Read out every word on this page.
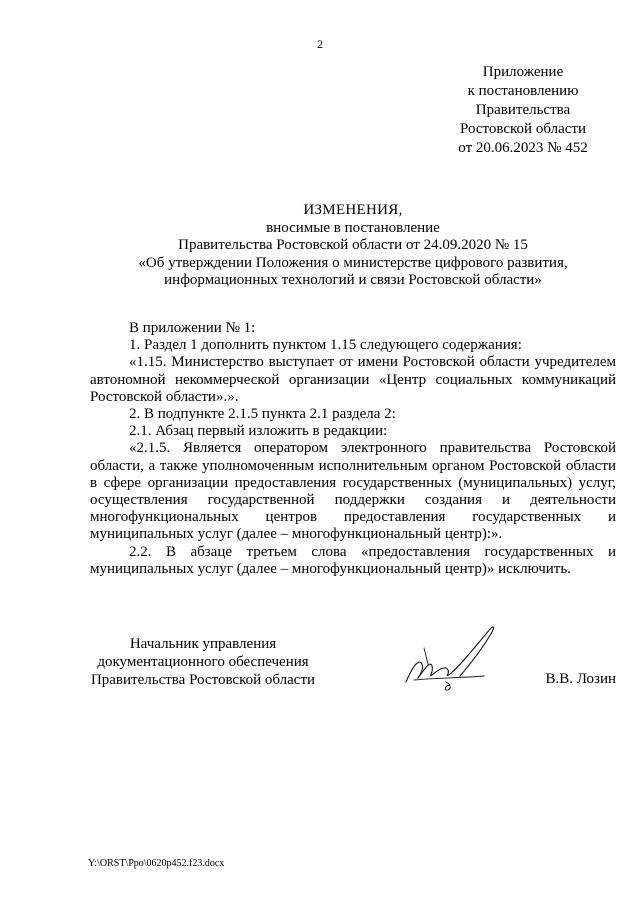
2
Приложение
к постановлению
Правительства
Ростовской области
от 20.06.2023 № 452
ИЗМЕНЕНИЯ,
вносимые в постановление
Правительства Ростовской области от 24.09.2020 № 15
«Об утверждении Положения о министерстве цифрового развития,
информационных технологий и связи Ростовской области»
В приложении № 1:
1. Раздел 1 дополнить пунктом 1.15 следующего содержания:
«1.15. Министерство выступает от имени Ростовской области учредителем автономной некоммерческой организации «Центр социальных коммуникаций Ростовской области».».
2. В подпункте 2.1.5 пункта 2.1 раздела 2:
2.1. Абзац первый изложить в редакции:
«2.1.5. Является оператором электронного правительства Ростовской области, а также уполномоченным исполнительным органом Ростовской области в сфере организации предоставления государственных (муниципальных) услуг, осуществления государственной поддержки создания и деятельности многофункциональных центров предоставления государственных и муниципальных услуг (далее – многофункциональный центр):».
2.2. В абзаце третьем слова «предоставления государственных и муниципальных услуг (далее – многофункциональный центр)» исключить.
Начальник управления
документационного обеспечения
Правительства Ростовской области	В.В. Лозин
Y:\ORST\Ppo\0620p452.f23.docx
